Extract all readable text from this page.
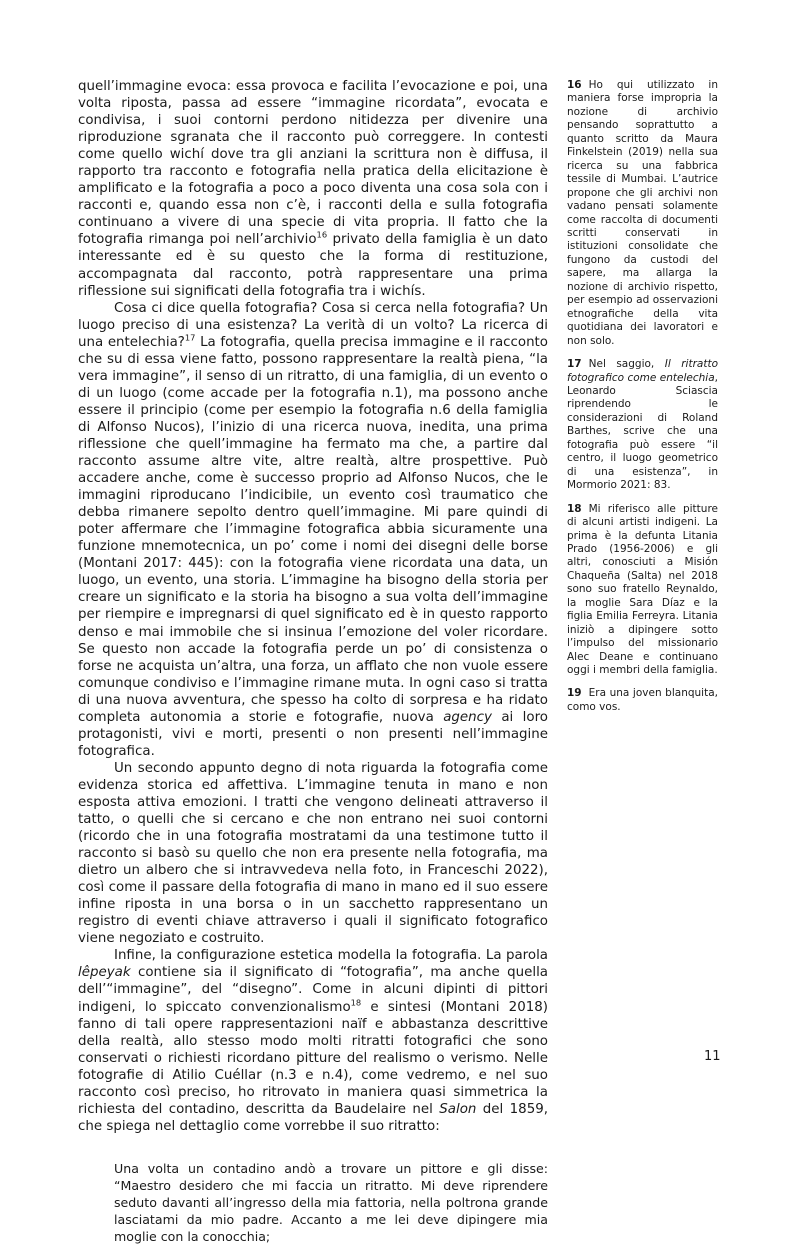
quell’immagine evoca: essa provoca e facilita l’evocazione e poi, una volta riposta, passa ad essere “immagine ricordata”, evocata e condivisa, i suoi contorni perdono nitidezza per divenire una riproduzione sgranata che il racconto può correggere. In contesti come quello wichí dove tra gli anziani la scrittura non è diffusa, il rapporto tra racconto e fotografia nella pratica della elicitazione è amplificato e la fotografia a poco a poco diventa una cosa sola con i racconti e, quando essa non c’è, i racconti della e sulla fotografia continuano a vivere di una specie di vita propria. Il fatto che la fotografia rimanga poi nell’archivio$^{16}$ privato della famiglia è un dato interessante ed è su questo che la forma di restituzione, accompagnata dal racconto, potrà rappresentare una prima riflessione sui significati della fotografia tra i wichís.

Cosa ci dice quella fotografia? Cosa si cerca nella fotografia? Un luogo preciso di una esistenza? La verità di un volto? La ricerca di una entelechia?$^{17}$ La fotografia, quella precisa immagine e il racconto che su di essa viene fatto, possono rappresentare la realtà piena, “la vera immagine”, il senso di un ritratto, di una famiglia, di un evento o di un luogo (come accade per la fotografia n.1), ma possono anche essere il principio (come per esempio la fotografia n.6 della famiglia di Alfonso Nucos), l’inizio di una ricerca nuova, inedita, una prima riflessione che quell’immagine ha fermato ma che, a partire dal racconto assume altre vite, altre realtà, altre prospettive. Può accadere anche, come è successo proprio ad Alfonso Nucos, che le immagini riproducano l’indicibile, un evento così traumatico che debba rimanere sepolto dentro quell’immagine. Mi pare quindi di poter affermare che l’immagine fotografica abbia sicuramente una funzione mnemotecnica, un po’ come i nomi dei disegni delle borse (Montani 2017: 445): con la fotografia viene ricordata una data, un luogo, un evento, una storia. L’immagine ha bisogno della storia per creare un significato e la storia ha bisogno a sua volta dell’immagine per riempire e impregnarsi di quel significato ed è in questo rapporto denso e mai immobile che si insinua l’emozione del voler ricordare. Se questo non accade la fotografia perde un po’ di consistenza o forse ne acquista un’altra, una forza, un afflato che non vuole essere comunque condiviso e l’immagine rimane muta. In ogni caso si tratta di una nuova avventura, che spesso ha colto di sorpresa e ha ridato completa autonomia a storie e fotografie, nuova agency ai loro protagonisti, vivi e morti, presenti o non presenti nell’immagine fotografica.

Un secondo appunto degno di nota riguarda la fotografia come evidenza storica ed affettiva. L’immagine tenuta in mano e non esposta attiva emozioni. I tratti che vengono delineati attraverso il tatto, o quelli che si cercano e che non entrano nei suoi contorni (ricordo che in una fotografia mostratami da una testimone tutto il racconto si basò su quello che non era presente nella fotografia, ma dietro un albero che si intravvedeva nella foto, in Franceschi 2022), così come il passare della fotografia di mano in mano ed il suo essere infine riposta in una borsa o in un sacchetto rappresentano un registro di eventi chiave attraverso i quali il significato fotografico viene negoziato e costruito.

Infine, la configurazione estetica modella la fotografia. La parola lêpeyak contiene sia il significato di “fotografia”, ma anche quella dell’“immagine”, del “disegno”. Come in alcuni dipinti di pittori indigeni, lo spiccato convenzionalismo$^{18}$ e sintesi (Montani 2018) fanno di tali opere rappresentazioni naïf e abbastanza descrittive della realtà, allo stesso modo molti ritratti fotografici che sono conservati o richiesti ricordano pitture del realismo o verismo. Nelle fotografie di Atilio Cuéllar (n.3 e n.4), come vedremo, e nel suo racconto così preciso, ho ritrovato in maniera quasi simmetrica la richiesta del contadino, descritta da Baudelaire nel Salon del 1859, che spiega nel dettaglio come vorrebbe il suo ritratto:

Una volta un contadino andò a trovare un pittore e gli disse: “Maestro desidero che mi faccia un ritratto. Mi deve riprendere seduto davanti all’ingresso della mia fattoria, nella poltrona grande lasciatami da mio padre. Accanto a me lei deve dipingere mia moglie con la conocchia;
16 Ho qui utilizzato in maniera forse impropria la nozione di archivio pensando soprattutto a quanto scritto da Maura Finkelstein (2019) nella sua ricerca su una fabbrica tessile di Mumbai. L’autrice propone che gli archivi non vadano pensati solamente come raccolta di documenti scritti conservati in istituzioni consolidate che fungono da custodi del sapere, ma allarga la nozione di archivio rispetto, per esempio ad osservazioni etnografiche della vita quotidiana dei lavoratori e non solo.
17 Nel saggio, Il ritratto fotografico come entelechia, Leonardo Sciascia riprendendo le considerazioni di Roland Barthes, scrive che una fotografia può essere “il centro, il luogo geometrico di una esistenza”, in Mormorio 2021: 83.
18 Mi riferisco alle pitture di alcuni artisti indigeni. La prima è la defunta Litania Prado (1956-2006) e gli altri, conosciuti a Misión Chaqueña (Salta) nel 2018 sono suo fratello Reynaldo, la moglie Sara Díaz e la figlia Emilia Ferreyra. Litania iniziò a dipingere sotto l’impulso del missionario Alec Deane e continuano oggi i membri della famiglia.
19 Era una joven blanquita, como vos.
11
